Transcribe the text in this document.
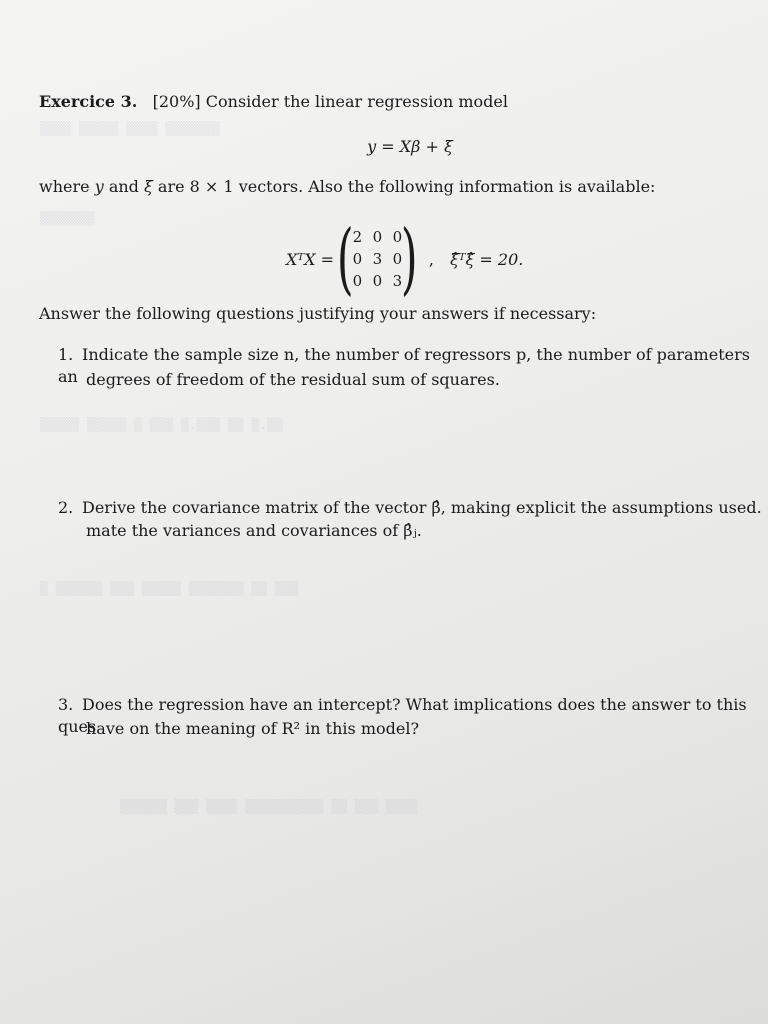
▒▒▒▒ ▒▒▒▒▒ ▒▒▒▒ ▒▒▒▒▒▒▒
▒▒▒▒▒▒▒
▒▒▒▒▒ ▒▒▒▒▒ ▒ ▒▒▒ ▒.▒▒▒ ▒▒ ▒.▒▒
▒ ▒▒▒▒▒▒ ▒▒▒ ▒▒▒▒▒ ▒▒▒▒▒▒▒ ▒▒ ▒▒▒
▒▒▒▒▒▒ ▒▒▒ ▒▒▒▒ ▒▒▒▒▒▒▒▒▒▒ ▒▒ ▒▒▒ ▒▒▒▒
Exercice 3. [20%] Consider the linear regression model
y = Xβ + ξ
where y and ξ are 8 × 1 vectors. Also the following information is available:
XᵀX = ( 2 0 0
0 3 0
0 0 3 ) , ξ̂ᵀξ̂ = 20.
Answer the following questions justifying your answers if necessary:
1. Indicate the sample size n, the number of regressors p, the number of parameters an degrees of freedom of the residual sum of squares.
2. Derive the covariance matrix of the vector β̂, making explicit the assumptions used.
mate the variances and covariances of β̂ⱼ.
3. Does the regression have an intercept? What implications does the answer to this ques
have on the meaning of R² in this model?
